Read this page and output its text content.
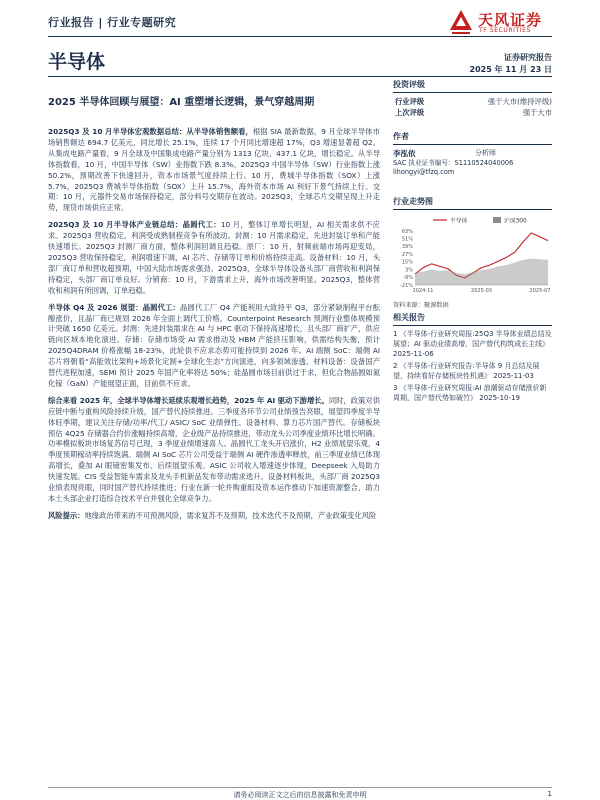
行业报告 | 行业专题研究	天风证券
TF SECURITIES
半导体	证券研究报告
2025 年 11 月 23 日
2025 半导体回顾与展望：AI 重塑增长逻辑，景气穿越周期

2025Q3 及 10 月半导体宏观数据总结：从半导体销售额看，根据 SIA 最新数据，9 月全球半导体市场销售额达 694.7 亿美元，同比增长 25.1%，连续 17 个月同比增速超 17%，Q3 增速显著超 Q2。从集成电路产量看，9 月全球及中国集成电路产量分别为 1313 亿块、437.1 亿块，增长稳定。从半导体指数看，10 月，中国半导体（SW）业指数下跌 8.3%。2025Q3 中国半导体（SW）行业指数上涨 50.2%，预期改善下快速回升，资本市场景气度持续上行。10 月，费城半导体指数（SOX）上涨 5.7%。2025Q3 费城半导体指数（SOX）上升 15.7%，海外资本市场 AI 利好下景气持续上行。交期：10 月，元器件交易市场保持稳定，部分料号交期存在波动。2025Q3，全球芯片交期呈现上升走势，现货市场供应正常。

2025Q3 及 10 月半导体产业链总结：晶圆代工：10 月，整体订单增长明显，AI 相关需求供不应求。2025Q3 营收稳定，利润受成熟制程竞争有所波动。封测：10 月需求稳定，先进封装订单和产能快速增长。2025Q3 封测厂商方面，整体利润回调且趋稳。原厂：10 月，射频前端市场再迎变局，2025Q3 营收保持稳定，利润增速下调，AI 芯片、存储等订单和价格持续走高。设备材料：10 月，头部厂商订单和营收超预期，中国大陆市场需求强劲。2025Q3，全球半导体设备头部厂商营收和利润保持稳定，头部厂商订单良好。分销商：10 月，下游需求上升，海外市场改善明显。2025Q3，整体营收和利润有所回调，订单趋稳。

半导体 Q4 及 2026 展望：晶圆代工：晶圆代工厂 Q4 产能利用大致持平 Q3，部分紧缺制程平台酝酿涨价，且晶厂商已规划 2026 年全面上调代工价格，Counterpoint Research 预测行业整体规模预计突破 1650 亿美元。封测：先进封装需求在 AI 与 HPC 驱动下保持高速增长，且头部厂商扩产，供应链向区域本地化演进。存储：存储市场受 AI 需求推动及 HBM 产能挤压影响，供需结构失衡，预计 2025Q4DRAM 价格涨幅 18-23%，此轮供不应求态势可能持续到 2026 年。AI 端侧 SoC：端侧 AI 芯片将朝着“高能效比架构+场景化定制+全球化生态”方向演进，向多领域渗透。材料设备：设备国产替代进程加速，SEMI 预计 2025 年国产化率将达 50%；硅晶圆市场目前供过于求，但化合物晶圆如氮化镓（GaN）产能展望正面，目前供不应求。

综合来看 2025 年，全球半导体增长延续乐观增长趋势，2025 年 AI 驱动下游增长。同时，政策对供应链中断与重构风险持续升级，国产替代持续推进。三季度各环节公司业绩预告亮眼，展望四季度半导体旺季期，建议关注存储/功率/代工/ ASIC/ SoC 业绩弹性、设备材料、算力芯片国产替代。存储板块预估 4Q25 存储器合约价涨幅持续高增，企业级产品持续推进，带动龙头公司季度业绩环比增长明确。功率模拟板块市场复苏信号已现，3 季度业绩增速喜人。晶圆代工龙头开启涨价，H2 业绩展望乐观，4 季度预期稼动率持续饱满。端侧 AI SoC 芯片公司受益于端侧 AI 硬件渗透率释放，前三季度业绩已体现高增长，叠加 AI 眼镜密集发布、后续展望乐观。ASIC 公司收入增速逐步体现，Deepseek 入局助力快速发展。CIS 受益智能车需求及龙头手机新品发布带动需求选升。设备材料板块，头部厂商 2025Q3 业绩表现亮眼，同时国产替代持续推进；行业在新一轮并购重组及资本运作推动下加速资源整合，助力本土头部企业打造综合技术平台并强化全球竞争力。

风险提示：地缘政治带来的不可预测风险，需求复苏不及预期，技术迭代不及预期，产业政策变化风险

投资评级
行业评级	强于大市(维持评级)
上次评级	强于大市
作者
李泓依	分析师
SAC 执业证书编号：S1110524040006
lihongyi@tfzq.com
行业走势图
半导体	沪深300
63%
51%
39%
27%
15%
3%
-9%
-21%
2024-11	2025-03	2025-07
资料来源：聚源数据
相关报告
1 《半导体-行业研究周报:25Q3 半导体业绩总结及展望；AI 驱动业绩高增，国产替代构筑成长主线》 2025-11-06
2 《半导体-行业研究报告:半导体 9 月总结及展望，持续看好存储板块性机遇》 2025-11-03
3 《半导体-行业研究周报:AI 浪潮驱动存储涨价新周期，国产替代势如破竹》 2025-10-19
请务必阅读正文之后的信息披露和免责申明	1
